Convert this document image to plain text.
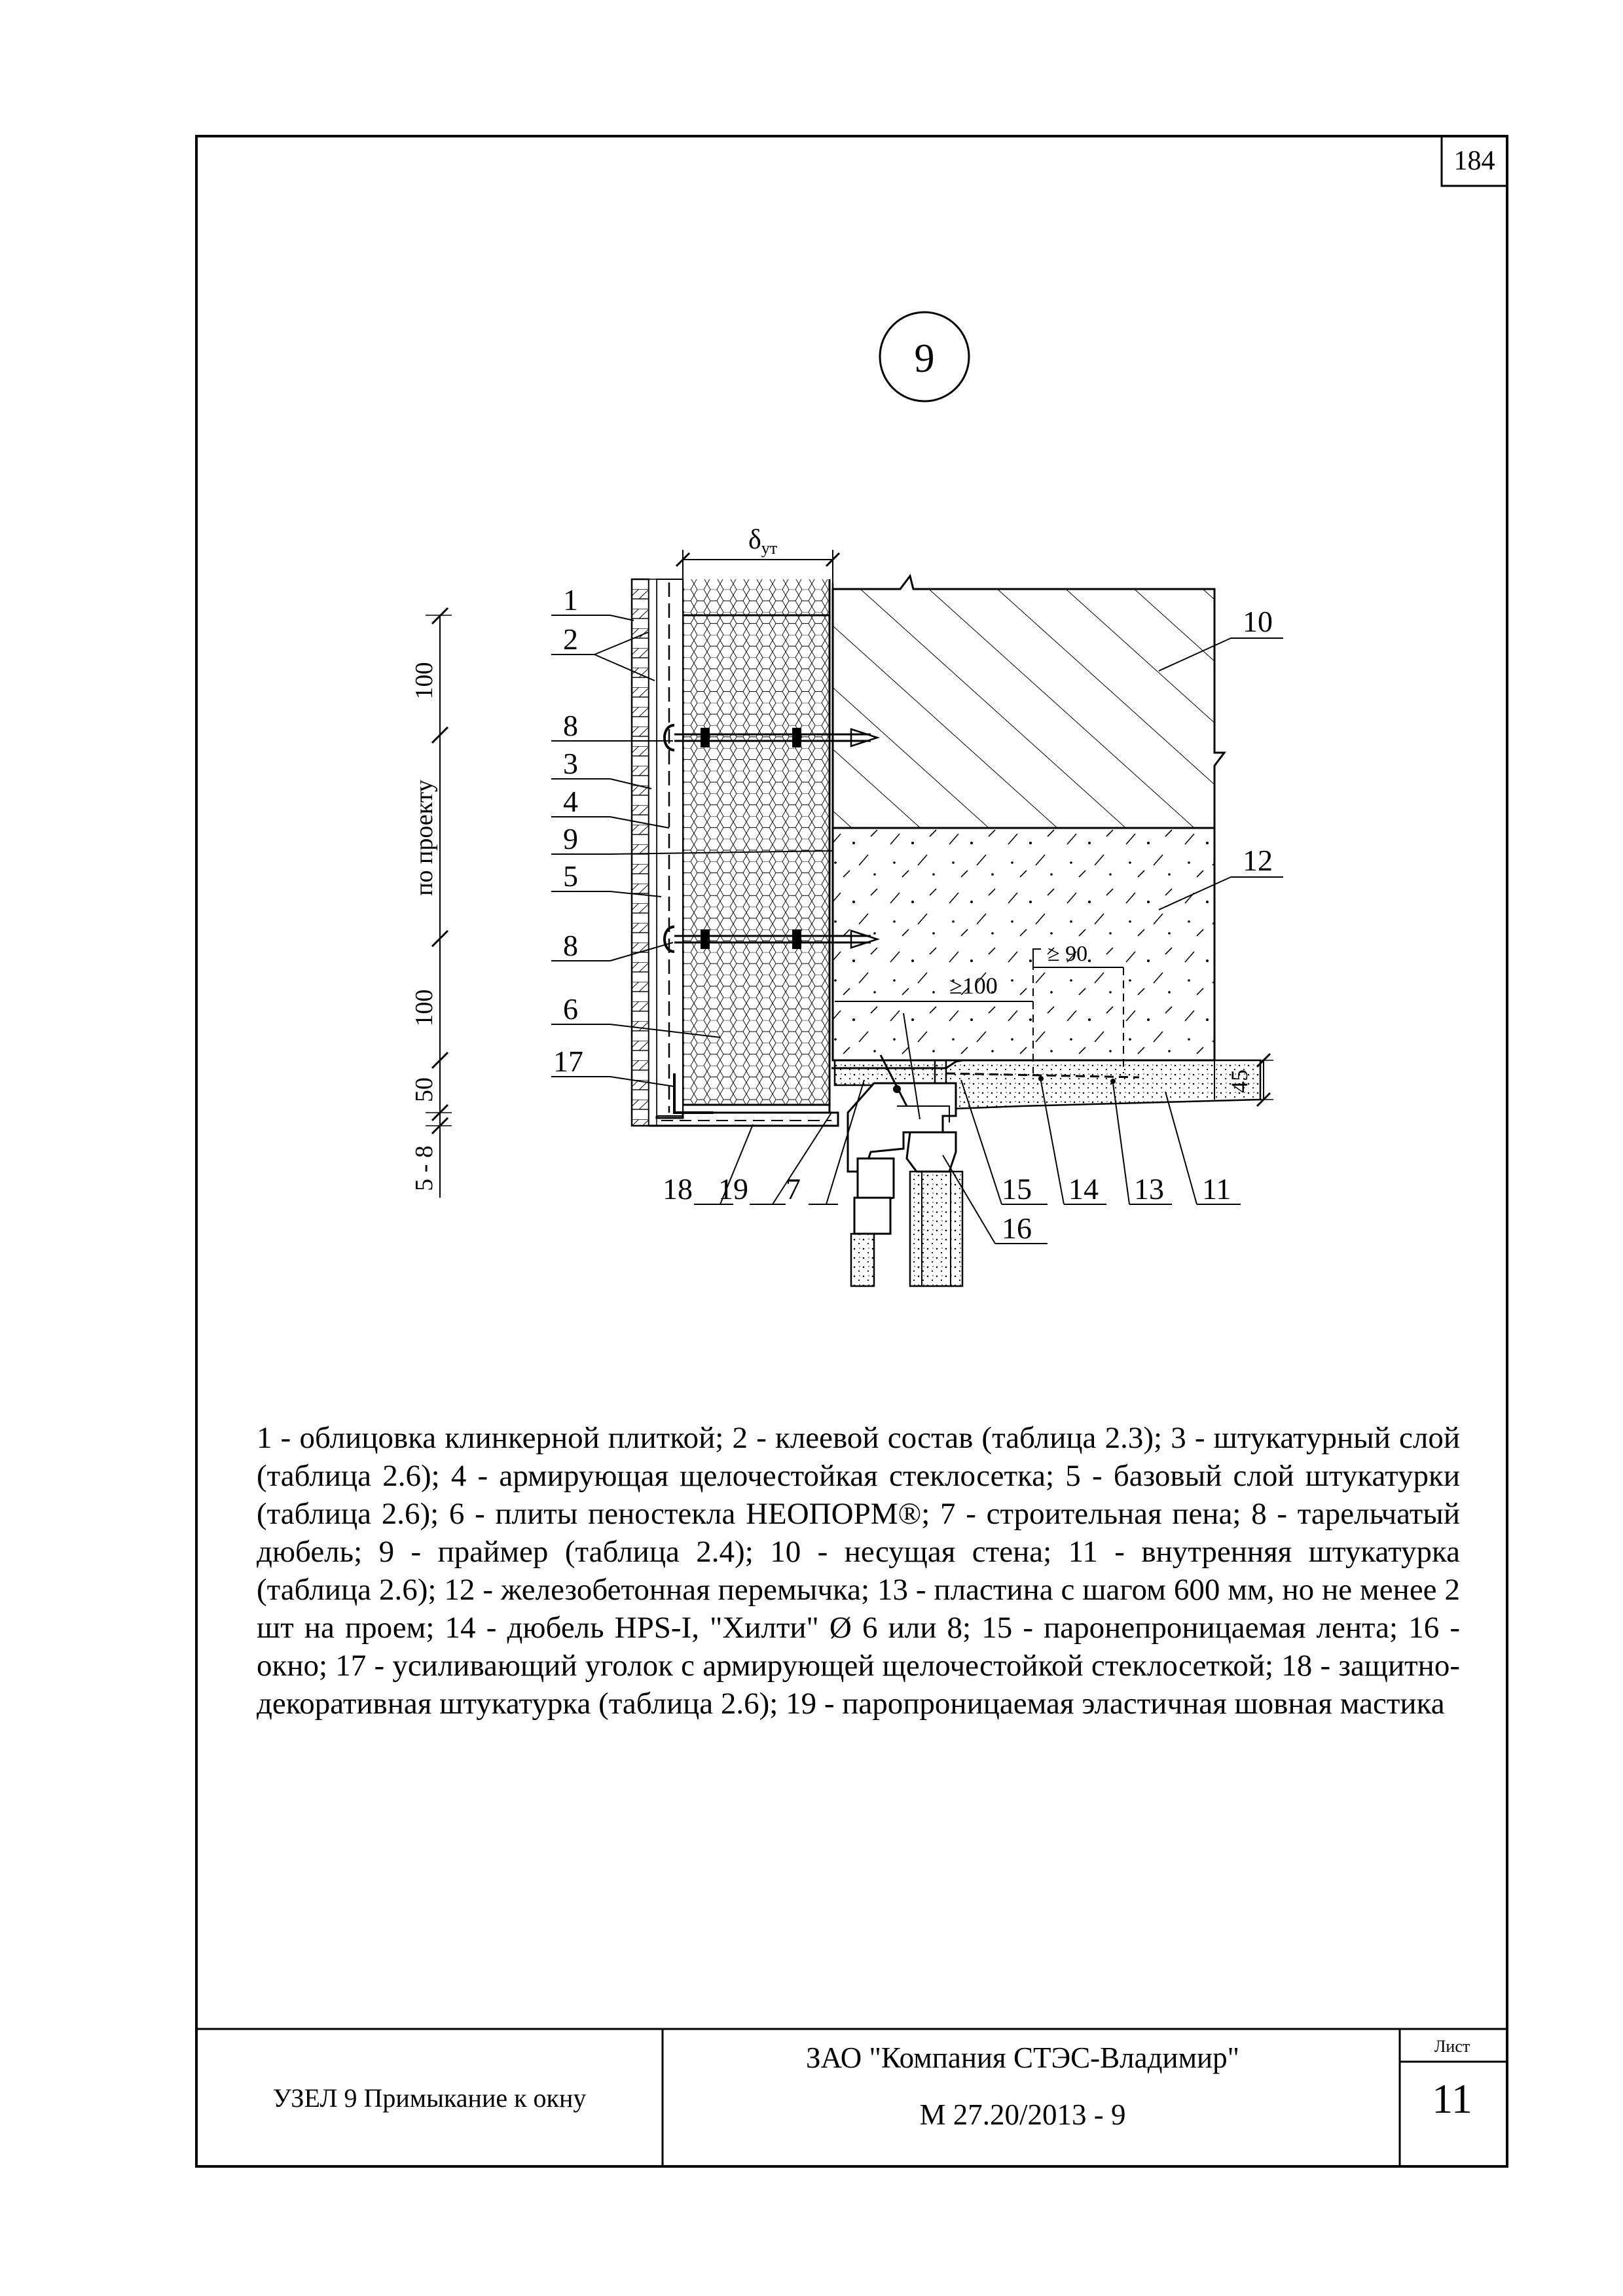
9
δут
100
по проекту
100
50
5 - 8
45
≥100
≥ 90
1
2
8
3
4
9
5
8
6
17
18 19 7	15 14 13 11
16
10
12
184
1 - облицовка клинкерной плиткой; 2 - клеевой состав (таблица 2.3); 3 - штукатурный слой (таблица 2.6); 4 - армирующая щелочестойкая стеклосетка; 5 - базовый слой штукатурки (таблица 2.6); 6 - плиты пеностекла НЕОПОРМ®; 7 - строительная пена; 8 - тарельчатый дюбель; 9 - праймер (таблица 2.4); 10 - несущая стена; 11 - внутренняя штукатурка (таблица 2.6); 12 - железобетонная перемычка; 13 - пластина с шагом 600 мм, но не менее 2 шт на проем; 14 - дюбель HPS-I, "Хилти" Ø 6 или 8; 15 - паронепроницаемая лента; 16 - окно; 17 - усиливающий уголок с армирующей щелочестойкой стеклосеткой; 18 - защитно-декоративная штукатурка (таблица 2.6); 19 - паропроницаемая эластичная шовная мастика
УЗЕЛ 9 Примыкание к окну
ЗАО "Компания СТЭС-Владимир"
М 27.20/2013 - 9
Лист
11
